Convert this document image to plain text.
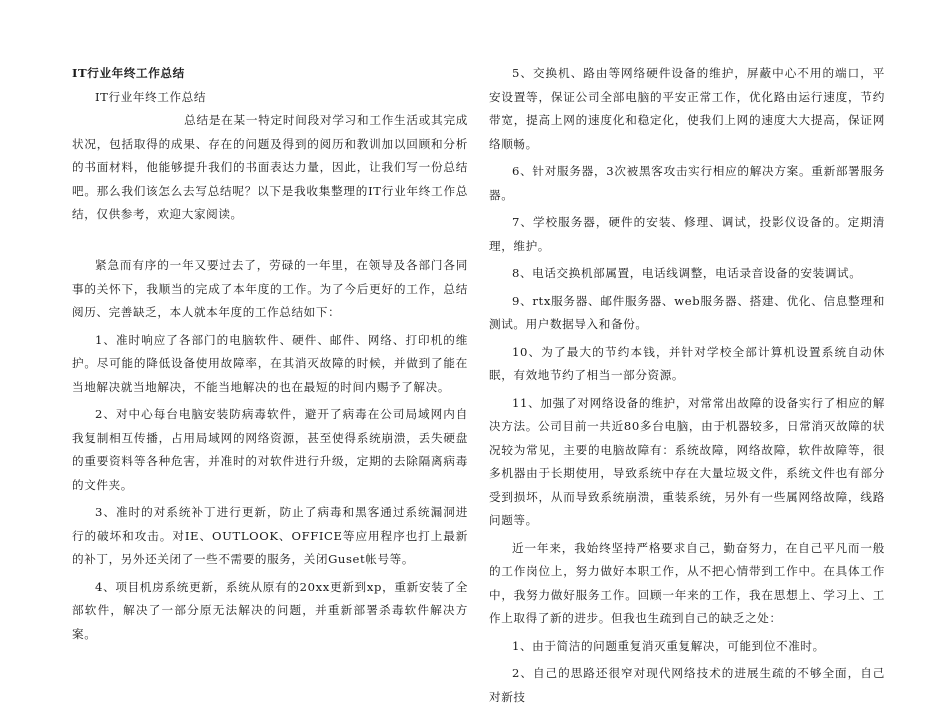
IT行业年终工作总结

IT行业年终工作总结

总结是在某一特定时间段对学习和工作生活或其完成状况，包括取得的成果、存在的问题及得到的阅历和教训加以回顾和分析的书面材料，他能够提升我们的书面表达力量，因此，让我们写一份总结吧。那么我们该怎么去写总结呢？以下是我收集整理的IT行业年终工作总结，仅供参考，欢迎大家阅读。

紧急而有序的一年又要过去了，劳碌的一年里，在领导及各部门各同事的关怀下，我顺当的完成了本年度的工作。为了今后更好的工作，总结阅历、完善缺乏，本人就本年度的工作总结如下：

1、准时响应了各部门的电脑软件、硬件、邮件、网络、打印机的维护。尽可能的降低设备使用故障率，在其消灭故障的时候，并做到了能在当地解决就当地解决，不能当地解决的也在最短的时间内赐予了解决。

2、对中心每台电脑安装防病毒软件，避开了病毒在公司局域网内自我复制相互传播，占用局域网的网络资源，甚至使得系统崩溃，丢失硬盘的重要资料等各种危害，并准时的对软件进行升级，定期的去除隔离病毒的文件夹。

3、准时的对系统补丁进行更新，防止了病毒和黑客通过系统漏洞进行的破坏和攻击。对IE、OUTLOOK、OFFICE等应用程序也打上最新的补丁，另外还关闭了一些不需要的服务，关闭Guset帐号等。

4、项目机房系统更新，系统从原有的20xx更新到xp，重新安装了全部软件，解决了一部分原无法解决的问题，并重新部署杀毒软件解决方案。

5、交换机、路由等网络硬件设备的维护，屏蔽中心不用的端口，平安设置等，保证公司全部电脑的平安正常工作，优化路由运行速度，节约带宽，提高上网的速度化和稳定化，使我们上网的速度大大提高，保证网络顺畅。

6、针对服务器，3次被黑客攻击实行相应的解决方案。重新部署服务器。

7、学校服务器，硬件的安装、修理、调试，投影仪设备的。定期清理，维护。

8、电话交换机部属置，电话线调整，电话录音设备的安装调试。

9、rtx服务器、邮件服务器、web服务器、搭建、优化、信息整理和测试。用户数据导入和备份。

10、为了最大的节约本钱，并针对学校全部计算机设置系统自动休眠，有效地节约了相当一部分资源。

11、加强了对网络设备的维护，对常常出故障的设备实行了相应的解决方法。公司目前一共近80多台电脑，由于机器较多，日常消灭故障的状况较为常见，主要的电脑故障有：系统故障，网络故障，软件故障等，很多机器由于长期使用，导致系统中存在大量垃圾文件，系统文件也有部分受到损坏，从而导致系统崩溃，重装系统，另外有一些属网络故障，线路问题等。

近一年来，我始终坚持严格要求自己，勤奋努力，在自己平凡而一般的工作岗位上，努力做好本职工作，从不把心情带到工作中。在具体工作中，我努力做好服务工作。回顾一年来的工作，我在思想上、学习上、工作上取得了新的进步。但我也生疏到自己的缺乏之处：

1、由于简洁的问题重复消灭重复解决，可能到位不准时。

2、自己的思路还很窄对现代网络技术的进展生疏的不够全面，自己对新技
